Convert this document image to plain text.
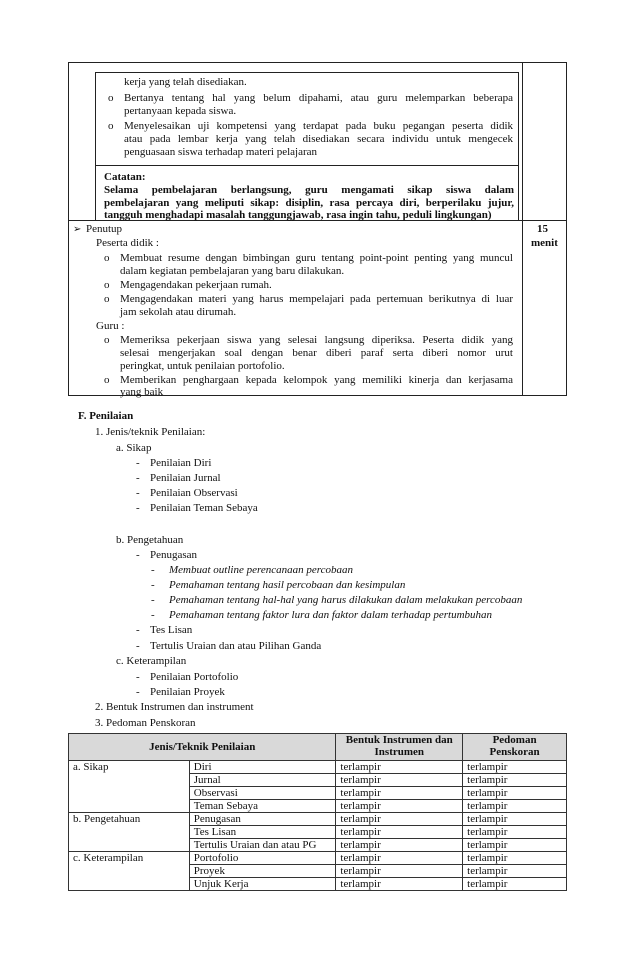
kerja yang telah disediakan.
o Bertanya tentang hal yang belum dipahami, atau guru melemparkan beberapa
pertanyaan kepada siswa.
o Menyelesaikan uji kompetensi yang terdapat pada buku pegangan peserta didik
atau pada lembar kerja yang telah disediakan secara individu untuk mengecek
penguasaan siswa terhadap materi pelajaran
Catatan:
Selama pembelajaran berlangsung, guru mengamati sikap siswa dalam
pembelajaran yang meliputi sikap: disiplin, rasa percaya diri, berperilaku jujur,
tangguh menghadapi masalah tanggungjawab, rasa ingin tahu, peduli lingkungan)
➢ Penutup	15
menit
Peserta didik :
o Membuat resume dengan bimbingan guru tentang point-point penting yang muncul
dalam kegiatan pembelajaran yang baru dilakukan.
o Mengagendakan pekerjaan rumah.
o Mengagendakan materi yang harus mempelajari pada pertemuan berikutnya di luar
jam sekolah atau dirumah.
Guru :
o Memeriksa pekerjaan siswa yang selesai langsung diperiksa. Peserta didik yang
selesai mengerjakan soal dengan benar diberi paraf serta diberi nomor urut
peringkat, untuk penilaian portofolio.
o Memberikan penghargaan kepada kelompok yang memiliki kinerja dan kerjasama
yang baik
F. Penilaian
1. Jenis/teknik Penilaian:
a. Sikap
- Penilaian Diri
- Penilaian Jurnal
- Penilaian Observasi
- Penilaian Teman Sebaya
b. Pengetahuan
- Penugasan
- Membuat outline perencanaan percobaan
- Pemahaman tentang hasil percobaan dan kesimpulan
- Pemahaman tentang hal-hal yang harus dilakukan dalam melakukan percobaan
- Pemahaman tentang faktor lura dan faktor dalam terhadap pertumbuhan
- Tes Lisan
- Tertulis Uraian dan atau Pilihan Ganda
c. Keterampilan
- Penilaian Portofolio
- Penilaian Proyek
2. Bentuk Instrumen dan instrument
3. Pedoman Penskoran
Jenis/Teknik Penilaian		Bentuk Instrumen dan Instrumen	Pedoman Penskoran
a. Sikap	Diri	terlampir	terlampir
	Jurnal	terlampir	terlampir
	Observasi	terlampir	terlampir
	Teman Sebaya	terlampir	terlampir
b. Pengetahuan	Penugasan	terlampir	terlampir
	Tes Lisan	terlampir	terlampir
	Tertulis Uraian dan atau PG	terlampir	terlampir
c. Keterampilan	Portofolio	terlampir	terlampir
	Proyek	terlampir	terlampir
	Unjuk Kerja	terlampir	terlampir
